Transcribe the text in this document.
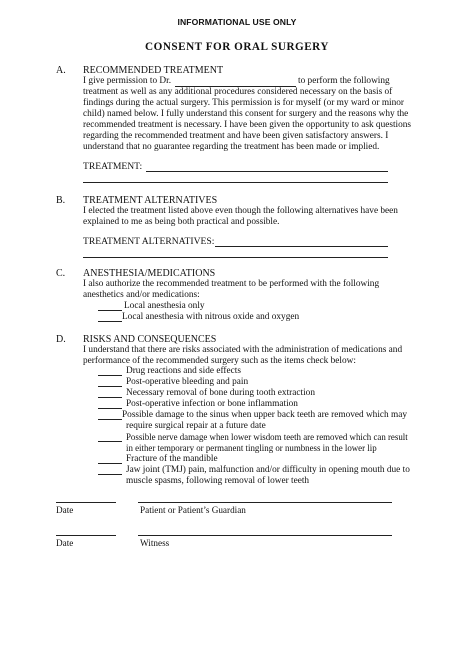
INFORMATIONAL USE ONLY
CONSENT FOR ORAL SURGERY
A. RECOMMENDED TREATMENT
I give permission to Dr.	to perform the following
treatment as well as any additional procedures considered necessary on the basis of
findings during the actual surgery. This permission is for myself (or my ward or minor
child) named below. I fully understand this consent for surgery and the reasons why the
recommended treatment is necessary. I have been given the opportunity to ask questions
regarding the recommended treatment and have been given satisfactory answers. I
understand that no guarantee regarding the treatment has been made or implied.
TREATMENT:
B. TREATMENT ALTERNATIVES
I elected the treatment listed above even though the following alternatives have been
explained to me as being both practical and possible.
TREATMENT ALTERNATIVES:
C. ANESTHESIA/MEDICATIONS
I also authorize the recommended treatment to be performed with the following
anesthetics and/or medications:
Local anesthesia only
Local anesthesia with nitrous oxide and oxygen
D. RISKS AND CONSEQUENCES
I understand that there are risks associated with the administration of medications and
performance of the recommended surgery such as the items check below:
Drug reactions and side effects
Post-operative bleeding and pain
Necessary removal of bone during tooth extraction
Post-operative infection or bone inflammation
Possible damage to the sinus when upper back teeth are removed which may
require surgical repair at a future date
Possible nerve damage when lower wisdom teeth are removed which can result
in either temporary or permanent tingling or numbness in the lower lip
Fracture of the mandible
Jaw joint (TMJ) pain, malfunction and/or difficulty in opening mouth due to
muscle spasms, following removal of lower teeth
Date	Patient or Patient’s Guardian
Date	Witness
